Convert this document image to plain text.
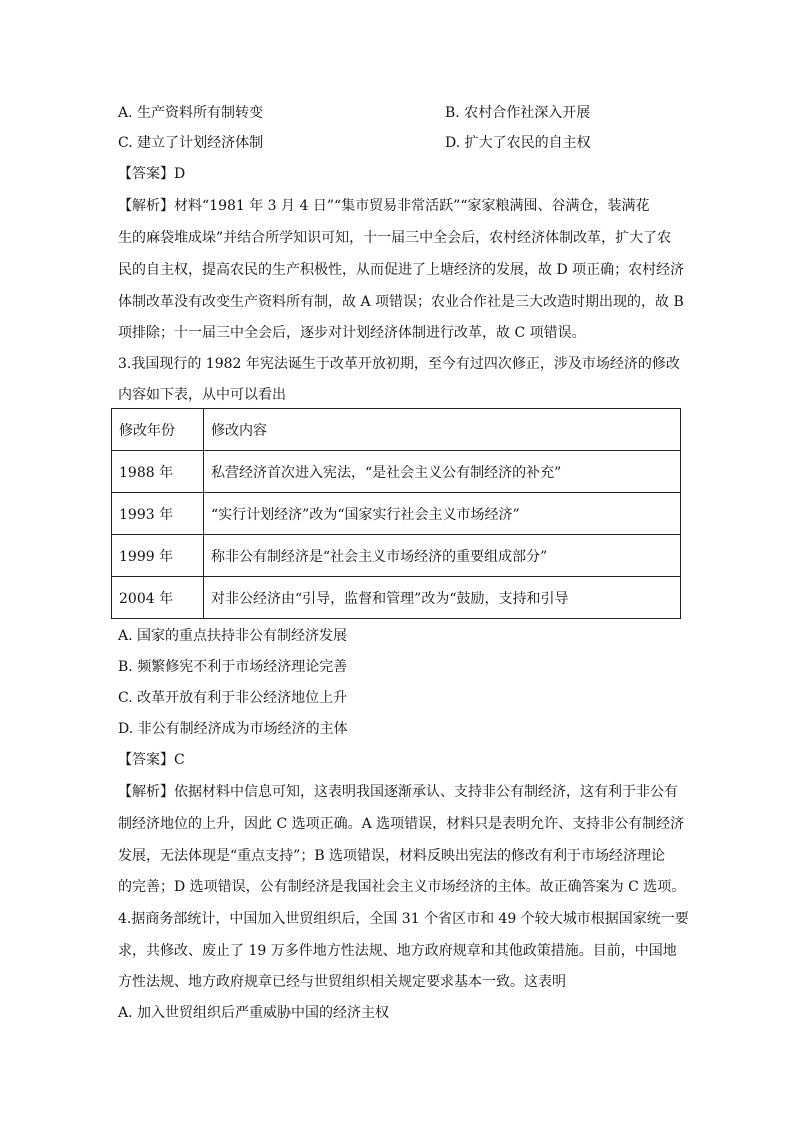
A. 生产资料所有制转变	B. 农村合作社深入开展
C. 建立了计划经济体制	D. 扩大了农民的自主权
【答案】D
【解析】材料“1981 年 3 月 4 日”“集市贸易非常活跃”“家家粮满囤、谷满仓，装满花
生的麻袋堆成垛”并结合所学知识可知，十一届三中全会后，农村经济体制改革，扩大了农
民的自主权，提高农民的生产积极性，从而促进了上塘经济的发展，故 D 项正确；农村经济
体制改革没有改变生产资料所有制，故 A 项错误；农业合作社是三大改造时期出现的，故 B
项排除；十一届三中全会后，逐步对计划经济体制进行改革，故 C 项错误。
3.我国现行的 1982 年宪法诞生于改革开放初期，至今有过四次修正，涉及市场经济的修改
内容如下表，从中可以看出
修改年份	修改内容
1988 年	私营经济首次进入宪法，“是社会主义公有制经济的补充”
1993 年	“实行计划经济”改为“国家实行社会主义市场经济”
1999 年	称非公有制经济是“社会主义市场经济的重要组成部分”
2004 年	对非公经济由“引导，监督和管理”改为“鼓励，支持和引导
A. 国家的重点扶持非公有制经济发展
B. 频繁修宪不利于市场经济理论完善
C. 改革开放有利于非公经济地位上升
D. 非公有制经济成为市场经济的主体
【答案】C
【解析】依据材料中信息可知，这表明我国逐渐承认、支持非公有制经济，这有利于非公有
制经济地位的上升，因此 C 选项正确。A 选项错误，材料只是表明允许、支持非公有制经济
发展，无法体现是“重点支持”；B 选项错误，材料反映出宪法的修改有利于市场经济理论
的完善；D 选项错误，公有制经济是我国社会主义市场经济的主体。故正确答案为 C 选项。
4.据商务部统计，中国加入世贸组织后，全国 31 个省区市和 49 个较大城市根据国家统一要
求，共修改、废止了 19 万多件地方性法规、地方政府规章和其他政策措施。目前，中国地
方性法规、地方政府规章已经与世贸组织相关规定要求基本一致。这表明
A. 加入世贸组织后严重威胁中国的经济主权
